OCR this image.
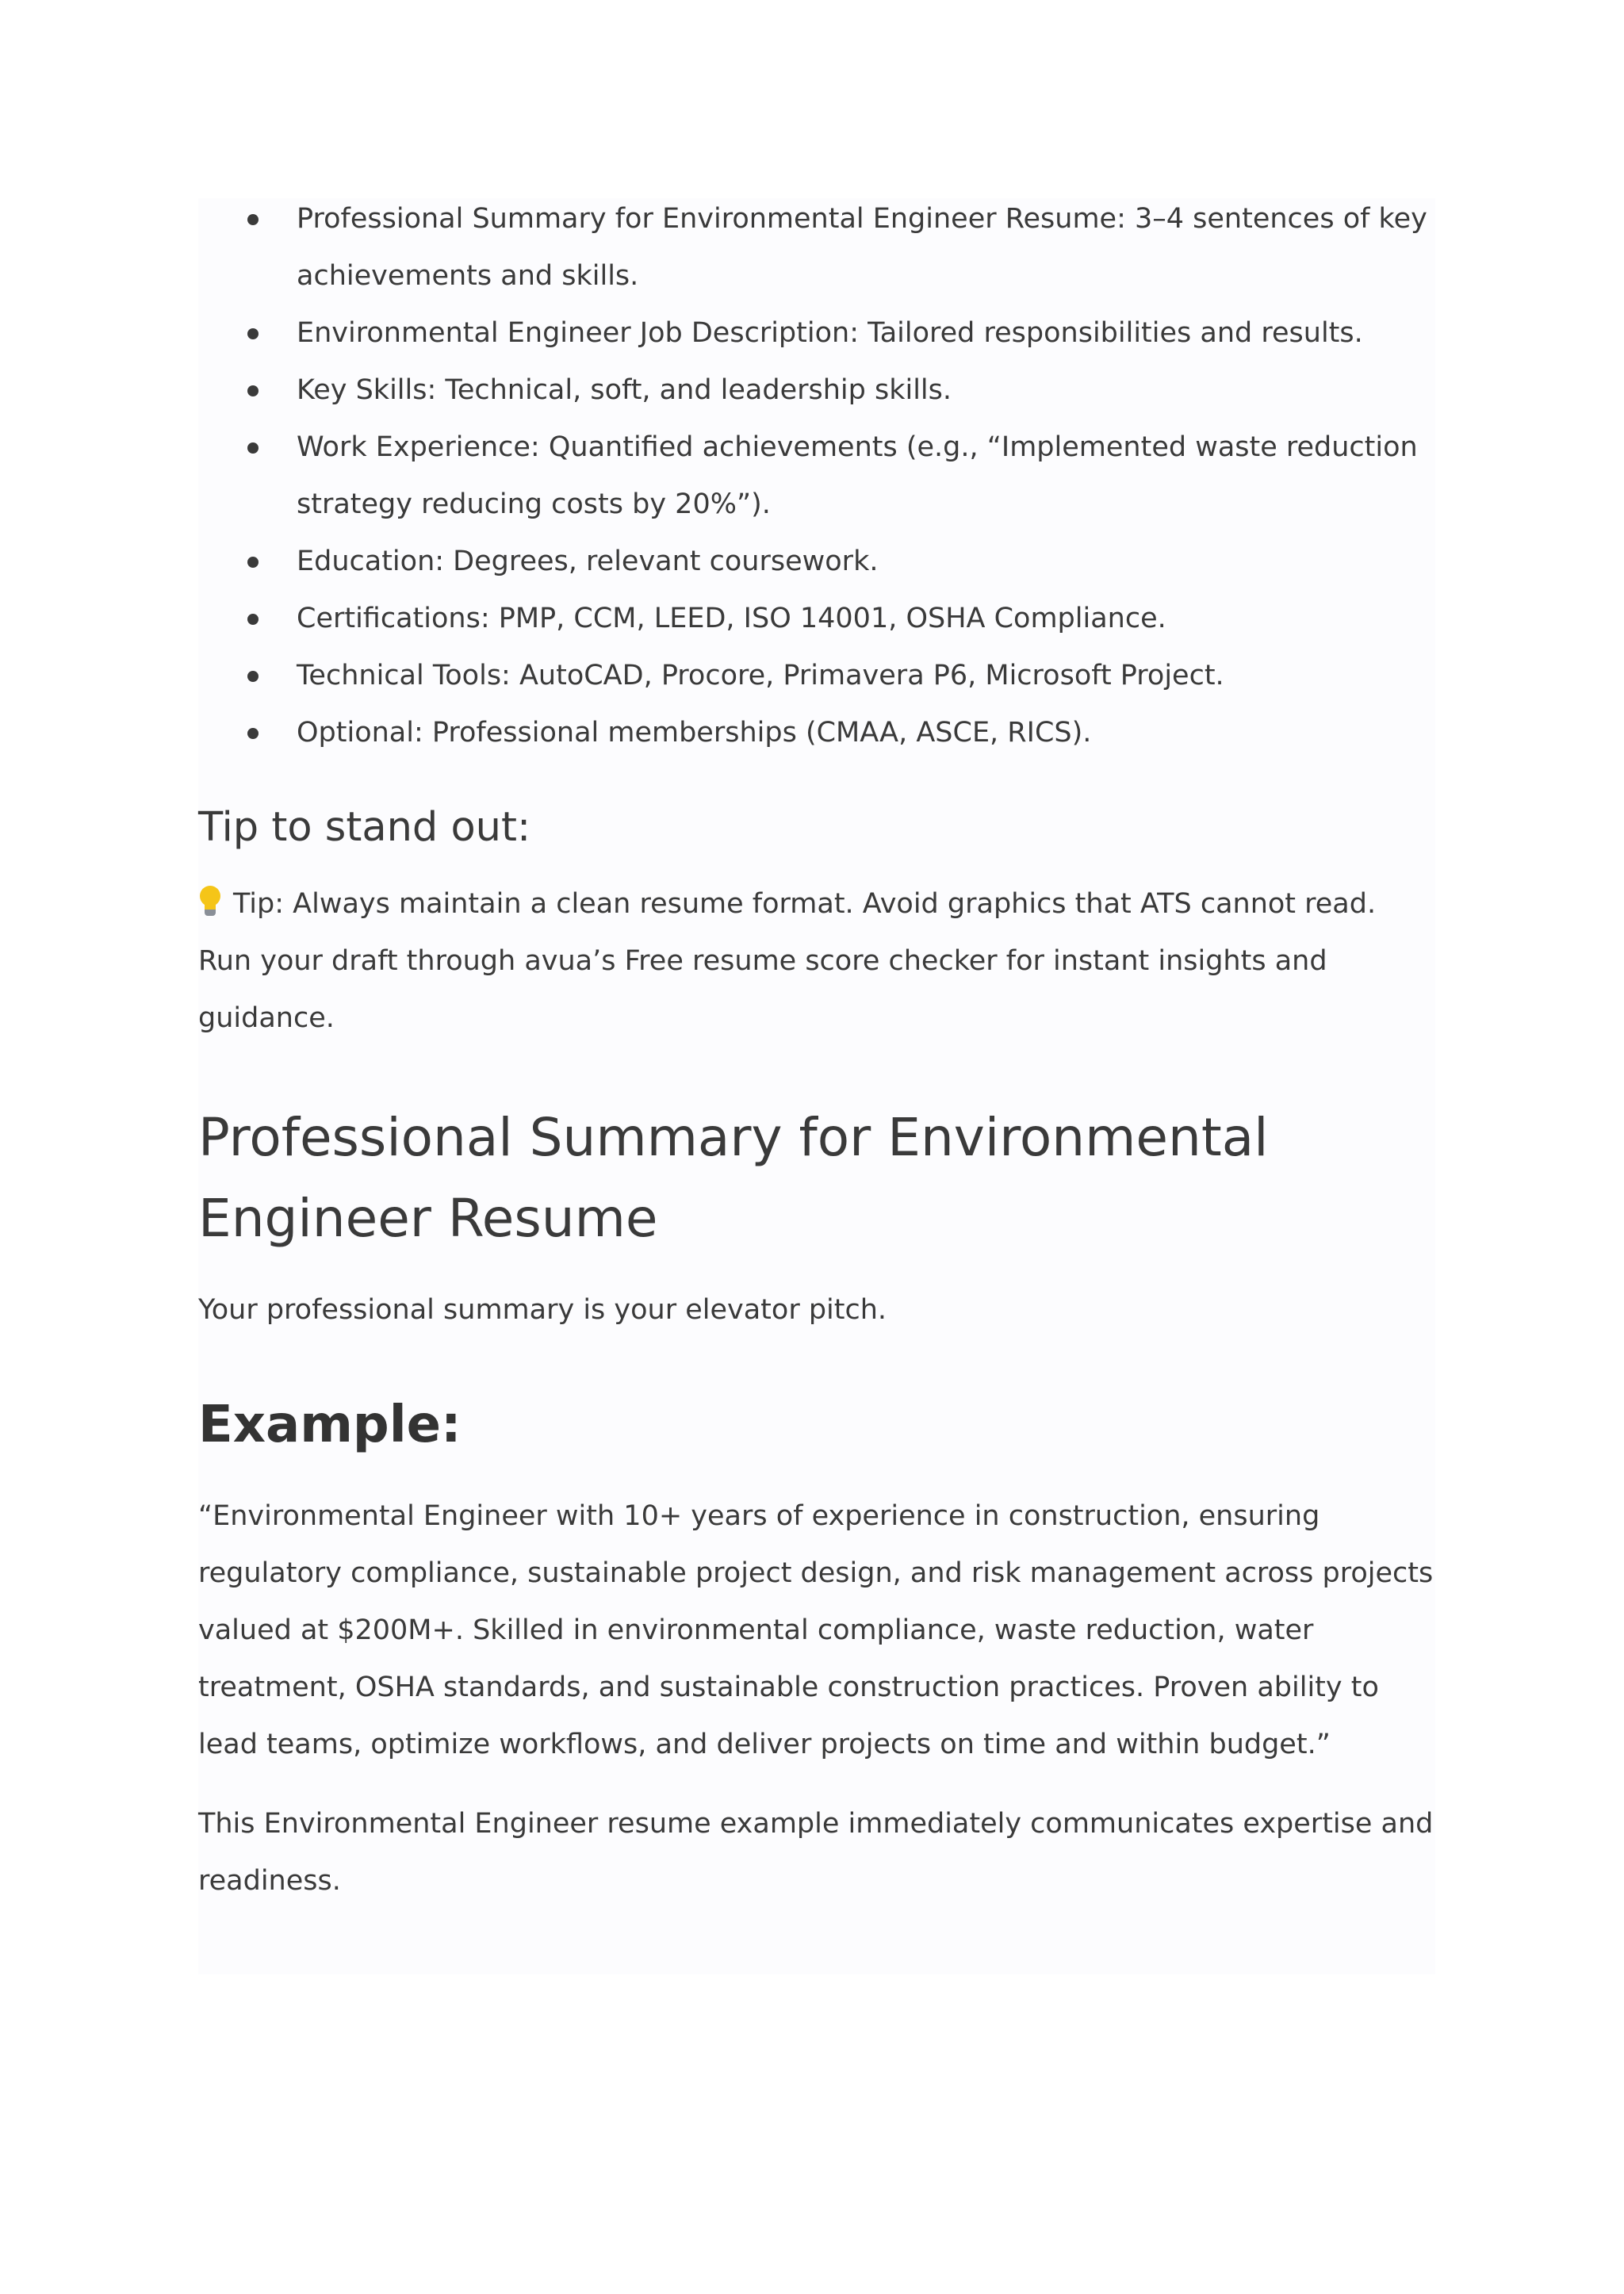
Professional Summary for Environmental Engineer Resume: 3–4 sentences of key achievements and skills.
Environmental Engineer Job Description: Tailored responsibilities and results.
Key Skills: Technical, soft, and leadership skills.
Work Experience: Quantified achievements (e.g., “Implemented waste reduction strategy reducing costs by 20%”).
Education: Degrees, relevant coursework.
Certifications: PMP, CCM, LEED, ISO 14001, OSHA Compliance.
Technical Tools: AutoCAD, Procore, Primavera P6, Microsoft Project.
Optional: Professional memberships (CMAA, ASCE, RICS).
Tip to stand out:

Tip: Always maintain a clean resume format. Avoid graphics that ATS cannot read. Run your draft through avua’s Free resume score checker for instant insights and guidance.

Professional Summary for Environmental Engineer Resume

Your professional summary is your elevator pitch.

Example:

“Environmental Engineer with 10+ years of experience in construction, ensuring regulatory compliance, sustainable project design, and risk management across projects valued at $200M+. Skilled in environmental compliance, waste reduction, water treatment, OSHA standards, and sustainable construction practices. Proven ability to lead teams, optimize workflows, and deliver projects on time and within budget.”

This Environmental Engineer resume example immediately communicates expertise and readiness.
